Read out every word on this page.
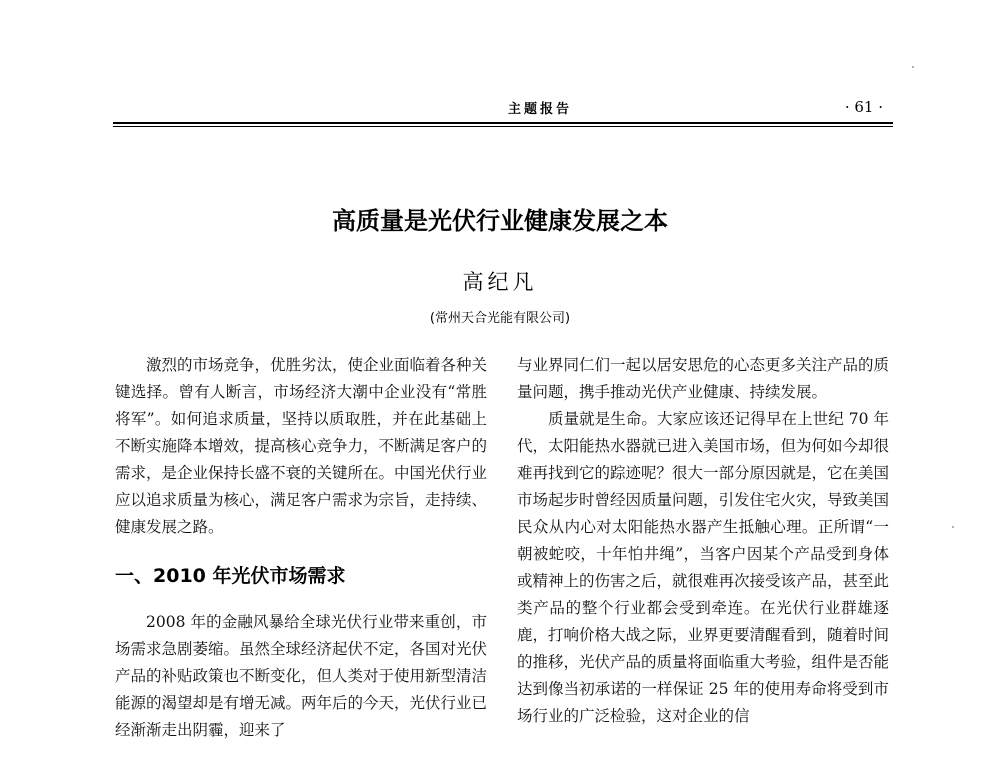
主题报告	· 61 ·
高质量是光伏行业健康发展之本
高纪凡
(常州天合光能有限公司)

激烈的市场竞争，优胜劣汰，使企业面临着各种关键选择。曾有人断言，市场经济大潮中企业没有“常胜将军”。如何追求质量，坚持以质取胜，并在此基础上不断实施降本增效，提高核心竞争力，不断满足客户的需求，是企业保持长盛不衰的关键所在。中国光伏行业应以追求质量为核心，满足客户需求为宗旨，走持续、健康发展之路。

一、2010 年光伏市场需求

2008 年的金融风暴给全球光伏行业带来重创，市场需求急剧萎缩。虽然全球经济起伏不定，各国对光伏产品的补贴政策也不断变化，但人类对于使用新型清洁能源的渴望却是有增无减。两年后的今天，光伏行业已经渐渐走出阴霾，迎来了

与业界同仁们一起以居安思危的心态更多关注产品的质量问题，携手推动光伏产业健康、持续发展。

质量就是生命。大家应该还记得早在上世纪 70 年代，太阳能热水器就已进入美国市场，但为何如今却很难再找到它的踪迹呢？很大一部分原因就是，它在美国市场起步时曾经因质量问题，引发住宅火灾，导致美国民众从内心对太阳能热水器产生抵触心理。正所谓“一朝被蛇咬，十年怕井绳”，当客户因某个产品受到身体或精神上的伤害之后，就很难再次接受该产品，甚至此类产品的整个行业都会受到牵连。在光伏行业群雄逐鹿，打响价格大战之际，业界更要清醒看到，随着时间的推移，光伏产品的质量将面临重大考验，组件是否能达到像当初承诺的一样保证 25 年的使用寿命将受到市场行业的广泛检验，这对企业的信
